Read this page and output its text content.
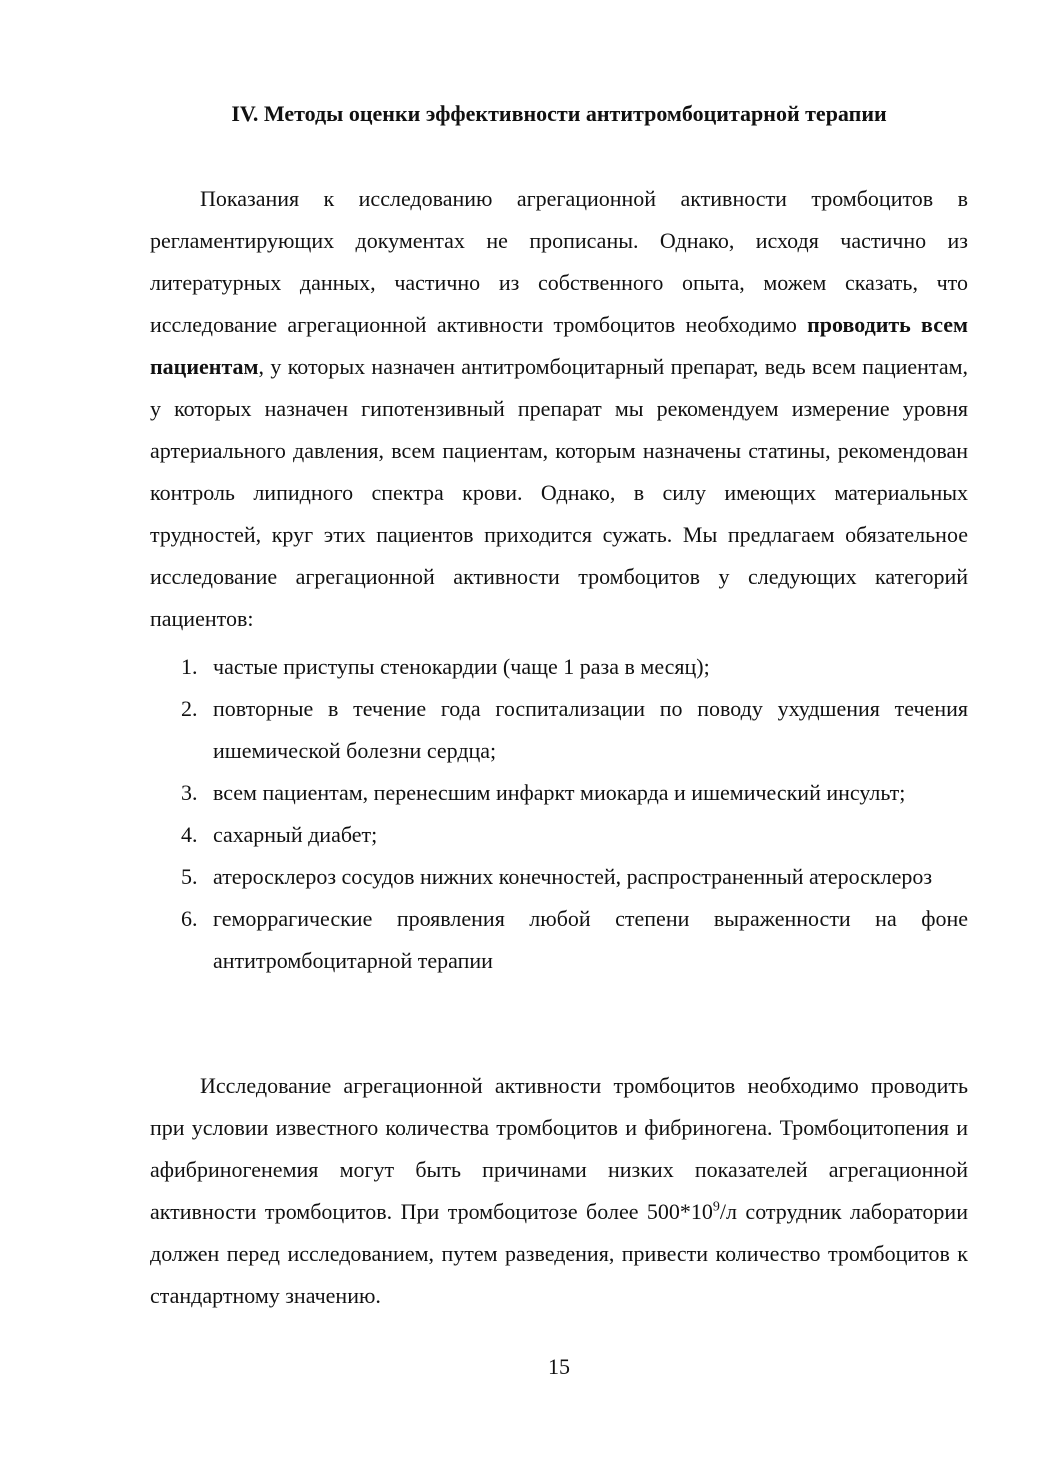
IV. Методы оценки эффективности антитромбоцитарной терапии

Показания к исследованию агрегационной активности тромбоцитов в регламентирующих документах не прописаны. Однако, исходя частично из литературных данных, частично из собственного опыта, можем сказать, что исследование агрегационной активности тромбоцитов необходимо проводить всем пациентам, у которых назначен антитромбоцитарный препарат, ведь всем пациентам, у которых назначен гипотензивный препарат мы рекомендуем измерение уровня артериального давления, всем пациентам, которым назначены статины, рекомендован контроль липидного спектра крови. Однако, в силу имеющих материальных трудностей, круг этих пациентов приходится сужать. Мы предлагаем обязательное исследование агрегационной активности тромбоцитов у следующих категорий пациентов:

1. частые приступы стенокардии (чаще 1 раза в месяц);
2. повторные в течение года госпитализации по поводу ухудшения течения ишемической болезни сердца;
3. всем пациентам, перенесшим инфаркт миокарда и ишемический инсульт;
4. сахарный диабет;
5. атеросклероз сосудов нижних конечностей, распространенный атеросклероз
6. геморрагические проявления любой степени выраженности на фоне антитромбоцитарной терапии

Исследование агрегационной активности тромбоцитов необходимо проводить при условии известного количества тромбоцитов и фибриногена. Тромбоцитопения и афибриногенемия могут быть причинами низких показателей агрегационной активности тромбоцитов. При тромбоцитозе более $500*10^9/л$ сотрудник лаборатории должен перед исследованием, путем разведения, привести количество тромбоцитов к стандартному значению.

15
